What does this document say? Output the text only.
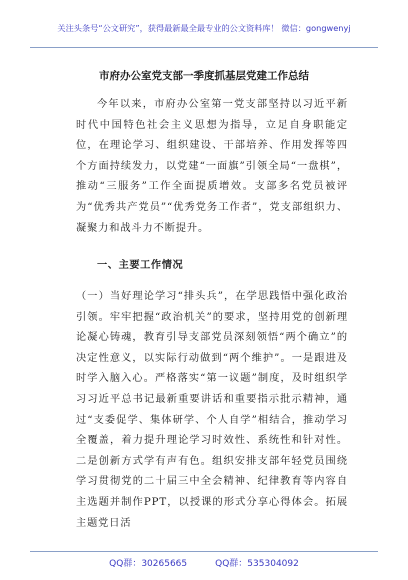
关注头条号“公文研究”，获得最新最全最专业的公文资料库！ 微信：gongwenyj
市府办公室党支部一季度抓基层党建工作总结
今年以来，市府办公室第一党支部坚持以习近平新时代中国特色社会主义思想为指导，立足自身职能定位，在理论学习、组织建设、干部培养、作用发挥等四个方面持续发力，以党建“一面旗”引领全局“一盘棋”，推动“三服务”工作全面提质增效。支部多名党员被评为“优秀共产党员”“优秀党务工作者”，党支部组织力、凝聚力和战斗力不断提升。
一、主要工作情况
（一）当好理论学习“排头兵”，在学思践悟中强化政治引领。牢牢把握“政治机关”的要求，坚持用党的创新理论凝心铸魂，教育引导支部党员深刻领悟“两个确立”的决定性意义，以实际行动做到“两个维护”。一是跟进及时学入脑入心。严格落实“第一议题”制度，及时组织学习习近平总书记最新重要讲话和重要指示批示精神，通过“支委促学、集体研学、个人自学”相结合，推动学习全覆盖，着力提升理论学习时效性、系统性和针对性。二是创新方式学有声有色。组织安排支部年轻党员围绕学习贯彻党的二十届三中全会精神、纪律教育等内容自主选题并制作PPT，以授课的形式分享心得体会。拓展主题党日活
QQ群：30265665	QQ群：535304092
